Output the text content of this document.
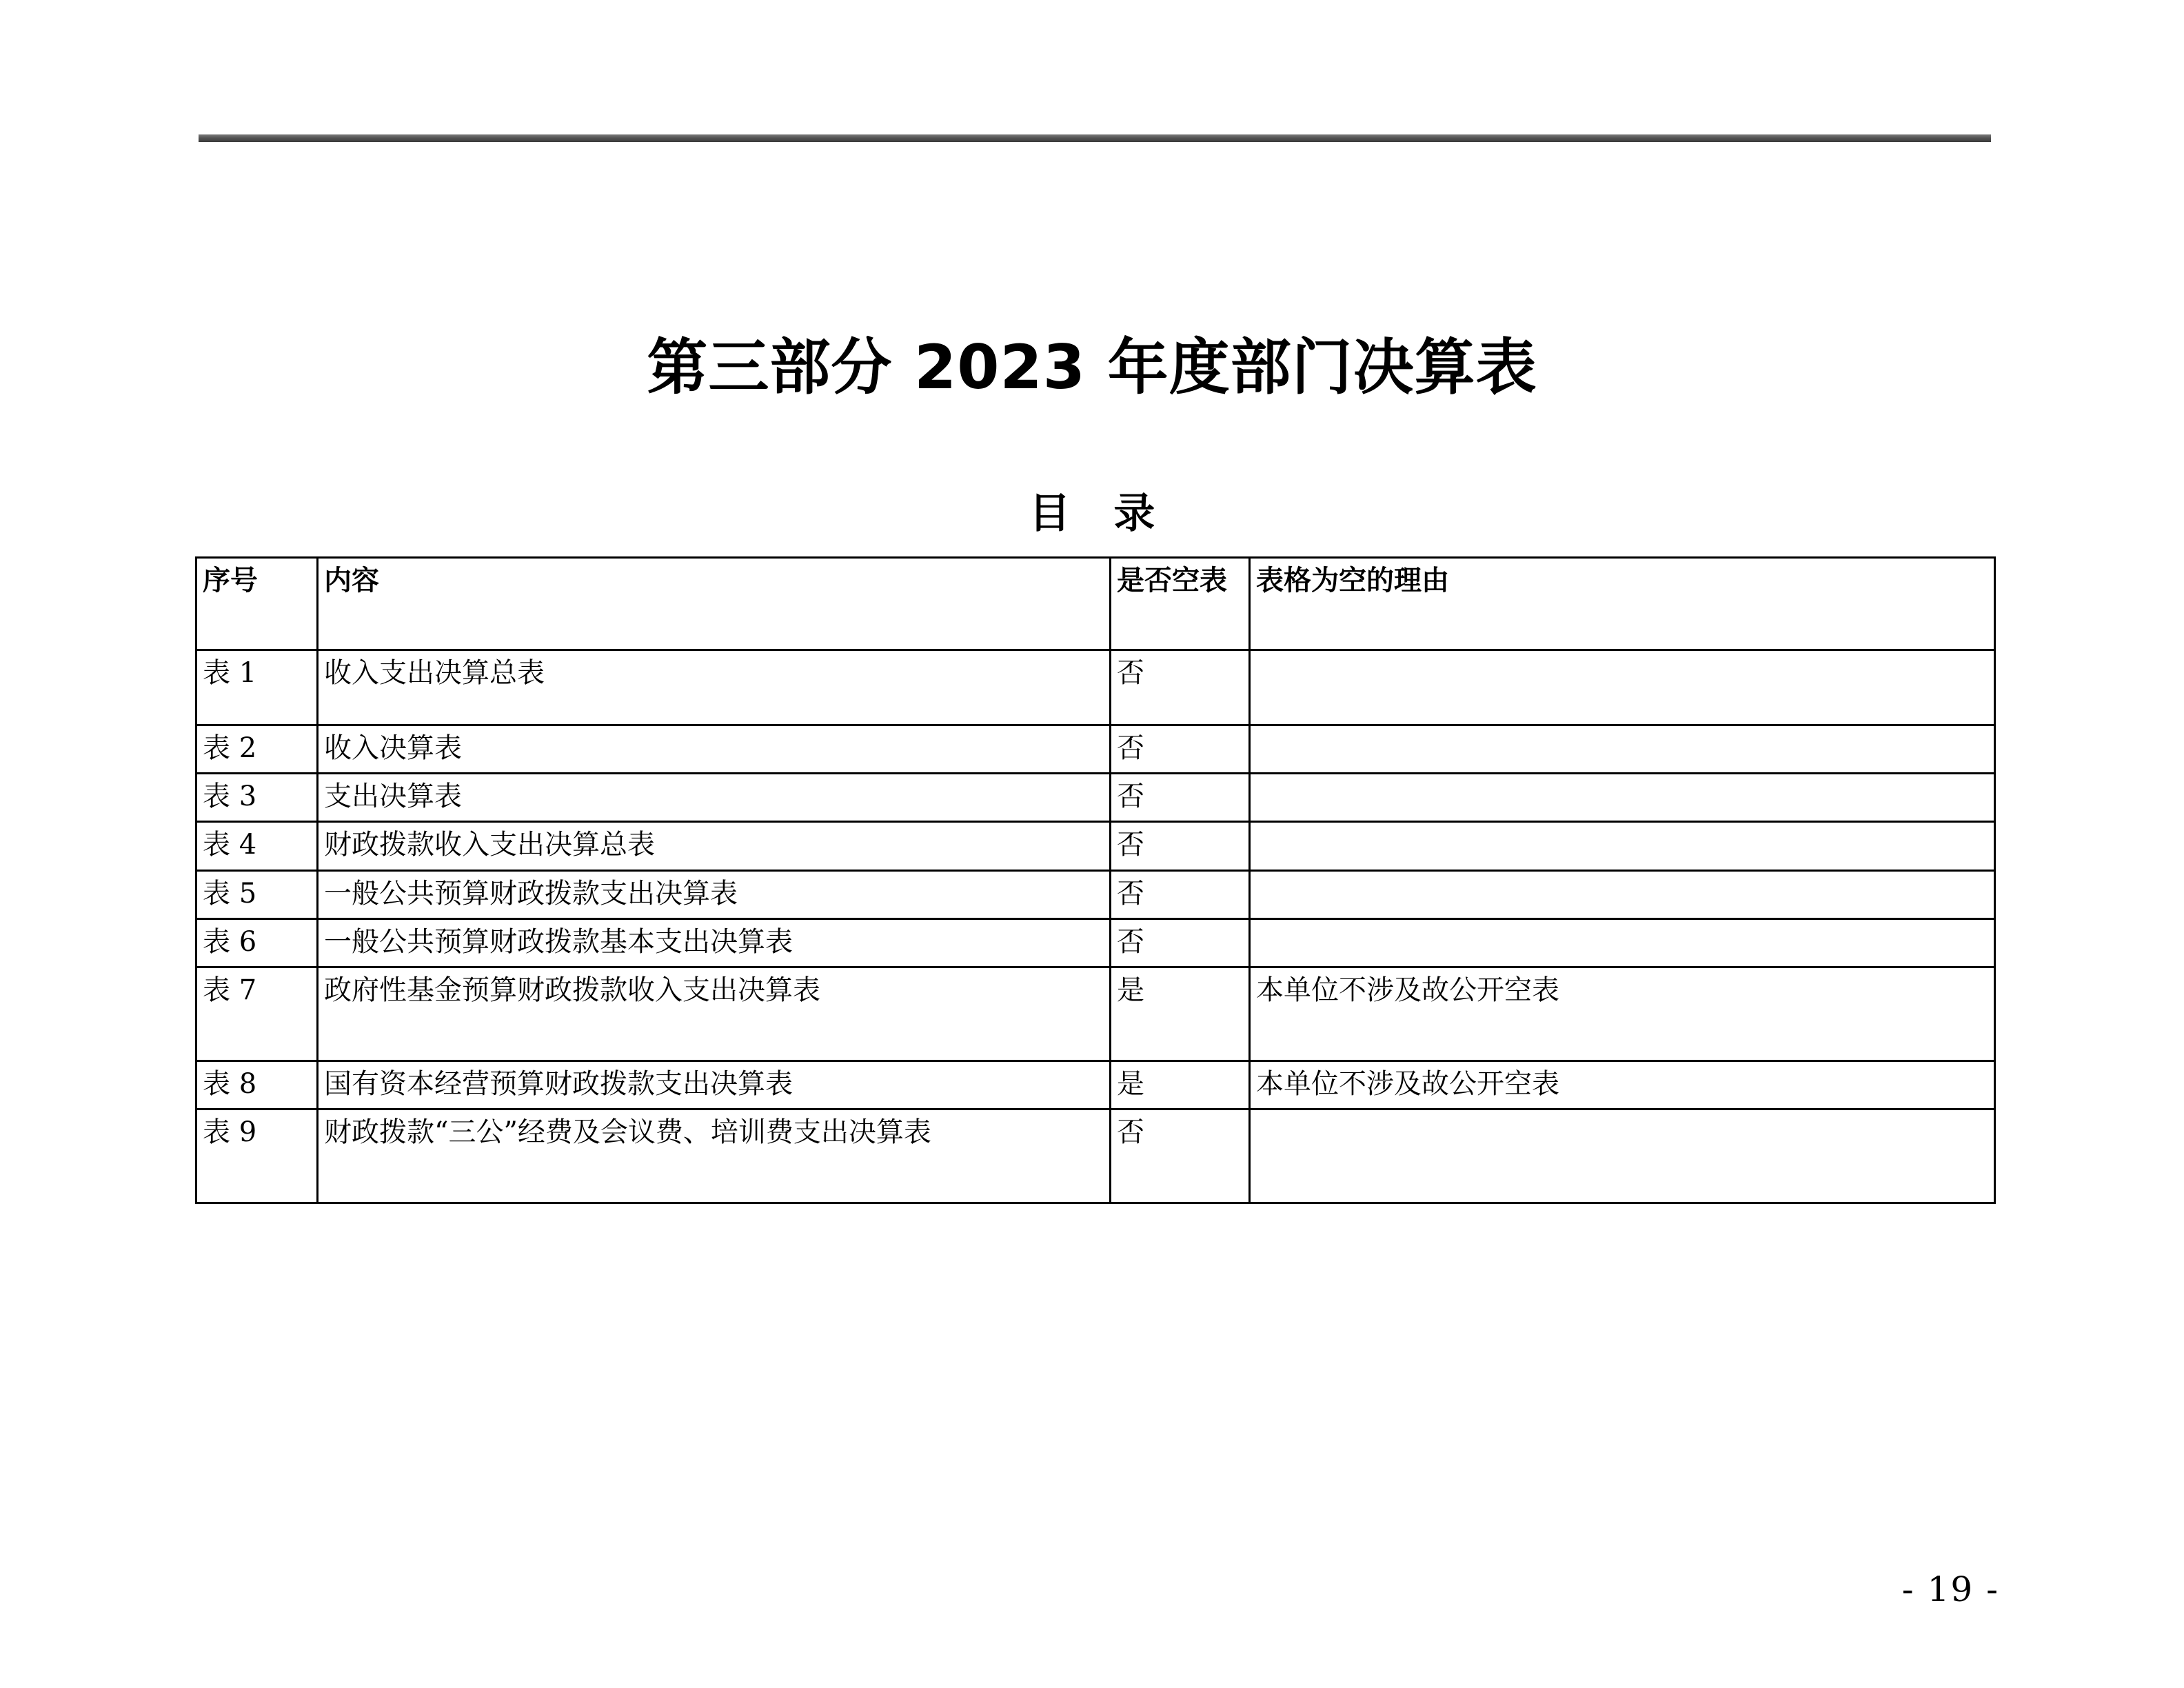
第三部分 2023 年度部门决算表
目   录
序号	内容	是否空表	表格为空的理由
表 1	收入支出决算总表	否	
表 2	收入决算表	否	
表 3	支出决算表	否	
表 4	财政拨款收入支出决算总表	否	
表 5	一般公共预算财政拨款支出决算表	否	
表 6	一般公共预算财政拨款基本支出决算表	否	
表 7	政府性基金预算财政拨款收入支出决算表	是	本单位不涉及故公开空表
表 8	国有资本经营预算财政拨款支出决算表	是	本单位不涉及故公开空表
表 9	财政拨款“三公”经费及会议费、培训费支出决算表	否	
- 19 -
